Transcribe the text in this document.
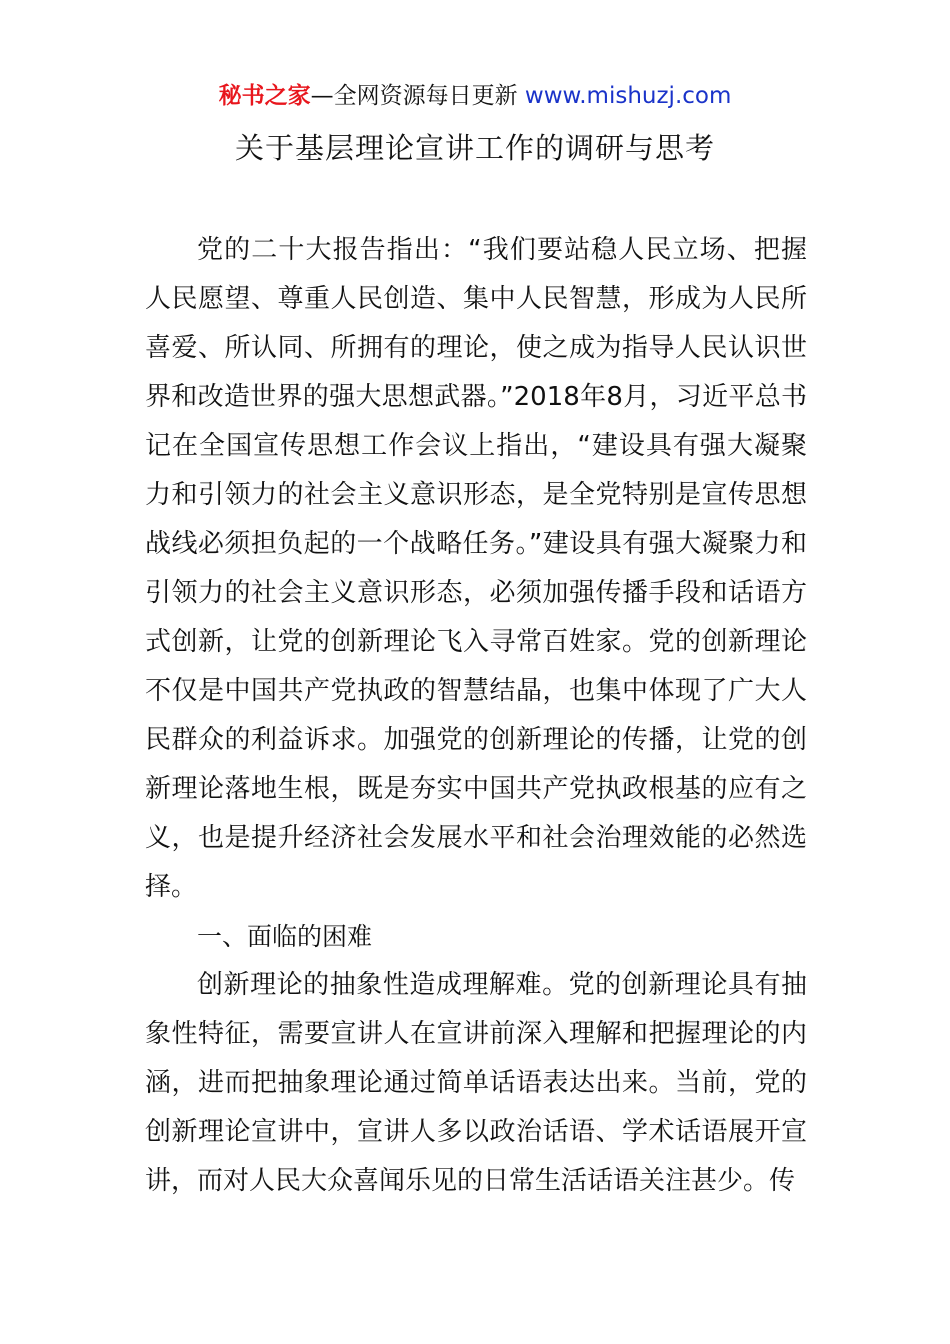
秘书之家—全网资源每日更新 www.mishuzj.com
关于基层理论宣讲工作的调研与思考

党的二十大报告指出：“我们要站稳人民立场、把握人民愿望、尊重人民创造、集中人民智慧，形成为人民所喜爱、所认同、所拥有的理论，使之成为指导人民认识世界和改造世界的强大思想武器。”2018年8月，习近平总书记在全国宣传思想工作会议上指出，“建设具有强大凝聚力和引领力的社会主义意识形态，是全党特别是宣传思想战线必须担负起的一个战略任务。”建设具有强大凝聚力和引领力的社会主义意识形态，必须加强传播手段和话语方式创新，让党的创新理论飞入寻常百姓家。党的创新理论不仅是中国共产党执政的智慧结晶，也集中体现了广大人民群众的利益诉求。加强党的创新理论的传播，让党的创新理论落地生根，既是夯实中国共产党执政根基的应有之义，也是提升经济社会发展水平和社会治理效能的必然选择。

一、面临的困难

创新理论的抽象性造成理解难。党的创新理论具有抽象性特征，需要宣讲人在宣讲前深入理解和把握理论的内涵，进而把抽象理论通过简单话语表达出来。当前，党的创新理论宣讲中，宣讲人多以政治话语、学术话语展开宣讲，而对人民大众喜闻乐见的日常生活话语关注甚少。传
